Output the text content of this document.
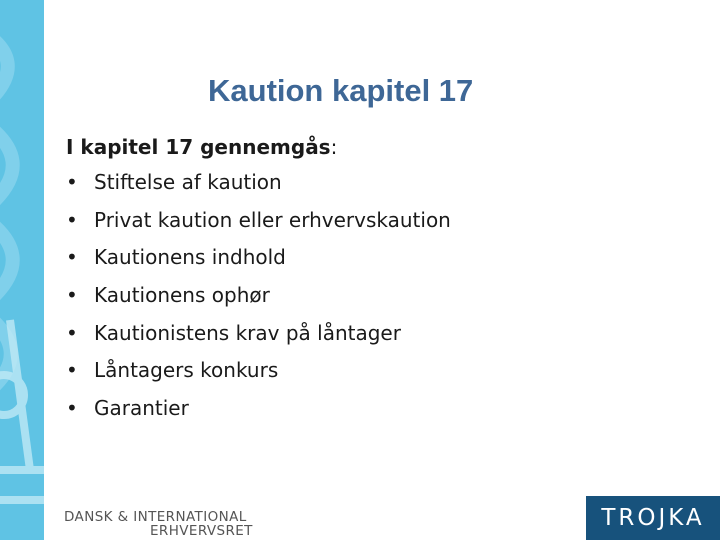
Kaution kapitel 17
I kapitel 17 gennemgås:
• Stiftelse af kaution
• Privat kaution eller erhvervskaution
• Kautionens indhold
• Kautionens ophør
• Kautionistens krav på låntager
• Låntagers konkurs
• Garantier
DANSK & INTERNATIONAL
ERHVERVSRET	TROJKA
